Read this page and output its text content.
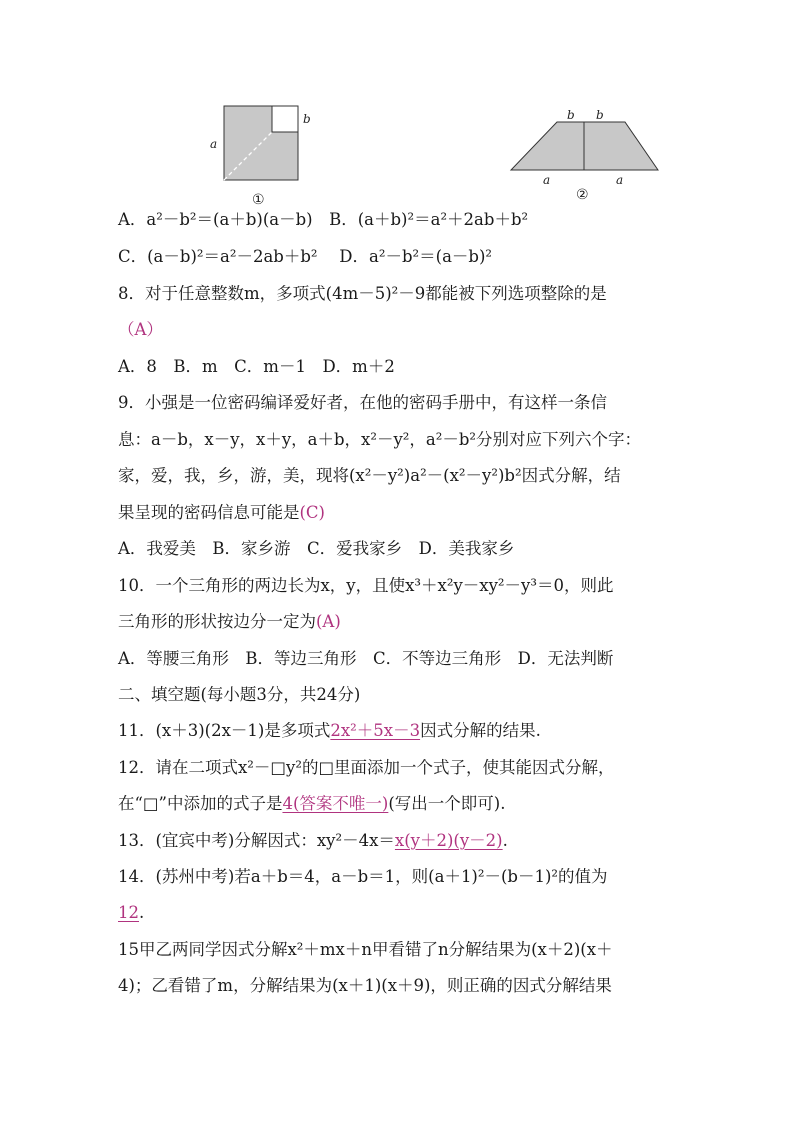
a
b
①
b b
a	a
②
A．a²－b²＝(a＋b)(a－b)　B．(a＋b)²＝a²＋2ab＋b²
C．(a－b)²＝a²－2ab＋b²　 D．a²－b²＝(a－b)²
8．对于任意整数m，多项式(4m－5)²－9都能被下列选项整除的是
（A）
A．8　B．m　C．m－1　D．m＋2
9．小强是一位密码编译爱好者，在他的密码手册中，有这样一条信
息：a－b，x－y，x＋y，a＋b，x²－y²，a²－b²分别对应下列六个字：
家，爱，我，乡，游，美，现将(x²－y²)a²－(x²－y²)b²因式分解，结
果呈现的密码信息可能是(C)
A．我爱美　B．家乡游　C．爱我家乡　D．美我家乡
10．一个三角形的两边长为x，y，且使x³＋x²y－xy²－y³＝0，则此
三角形的形状按边分一定为(A)
A．等腰三角形　B．等边三角形　C．不等边三角形　D．无法判断
二、填空题(每小题3分，共24分)
11．(x＋3)(2x－1)是多项式2x²＋5x－3因式分解的结果.
12．请在二项式x²－□y²的□里面添加一个式子，使其能因式分解，
在“□”中添加的式子是4(答案不唯一)(写出一个即可).
13．(宜宾中考)分解因式：xy²－4x＝x(y＋2)(y－2).
14．(苏州中考)若a＋b＝4，a－b＝1，则(a＋1)²－(b－1)²的值为
12.
15甲乙两同学因式分解x²＋mx＋n甲看错了n分解结果为(x＋2)(x＋
4)；乙看错了m，分解结果为(x＋1)(x＋9)，则正确的因式分解结果
